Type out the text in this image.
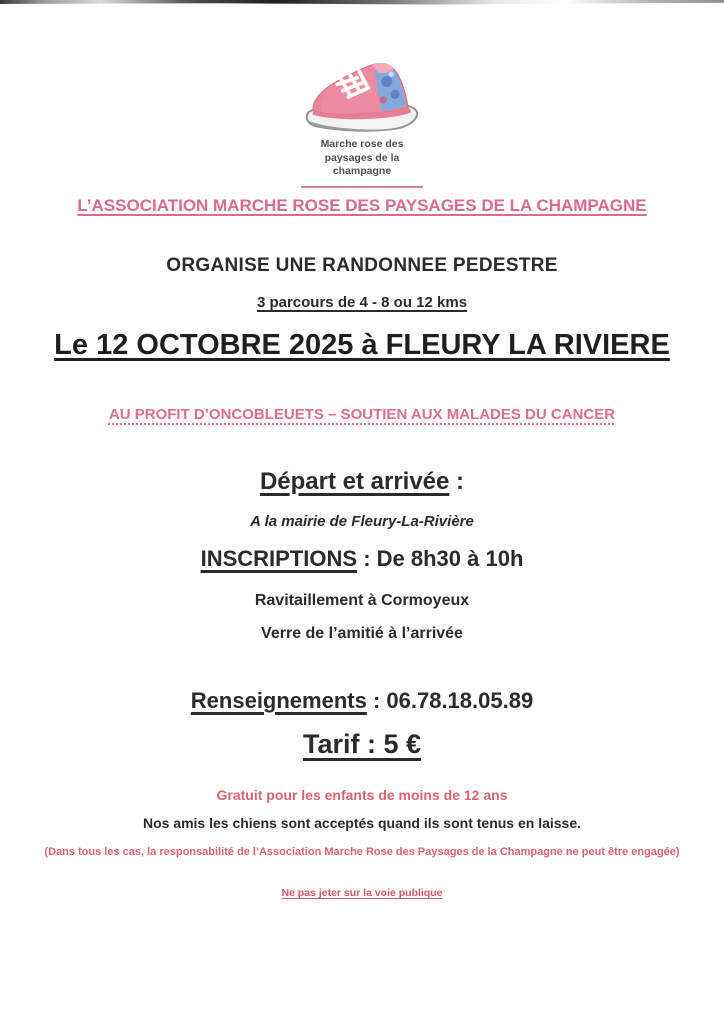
Marche rose des
paysages de la
champagne
L’ASSOCIATION MARCHE ROSE DES PAYSAGES DE LA CHAMPAGNE
ORGANISE UNE RANDONNEE PEDESTRE
3 parcours de 4 - 8 ou 12 kms
Le 12 OCTOBRE 2025 à FLEURY LA RIVIERE
AU PROFIT D’ONCOBLEUETS – SOUTIEN AUX MALADES DU CANCER
Départ et arrivée :
A la mairie de Fleury-La-Rivière
INSCRIPTIONS : De 8h30 à 10h
Ravitaillement à Cormoyeux
Verre de l’amitié à l’arrivée
Renseignements : 06.78.18.05.89
Tarif : 5 €
Gratuit pour les enfants de moins de 12 ans
Nos amis les chiens sont acceptés quand ils sont tenus en laisse.
(Dans tous les cas, la responsabilité de l’Association Marche Rose des Paysages de la Champagne ne peut être engagée)
Ne pas jeter sur la voie publique
